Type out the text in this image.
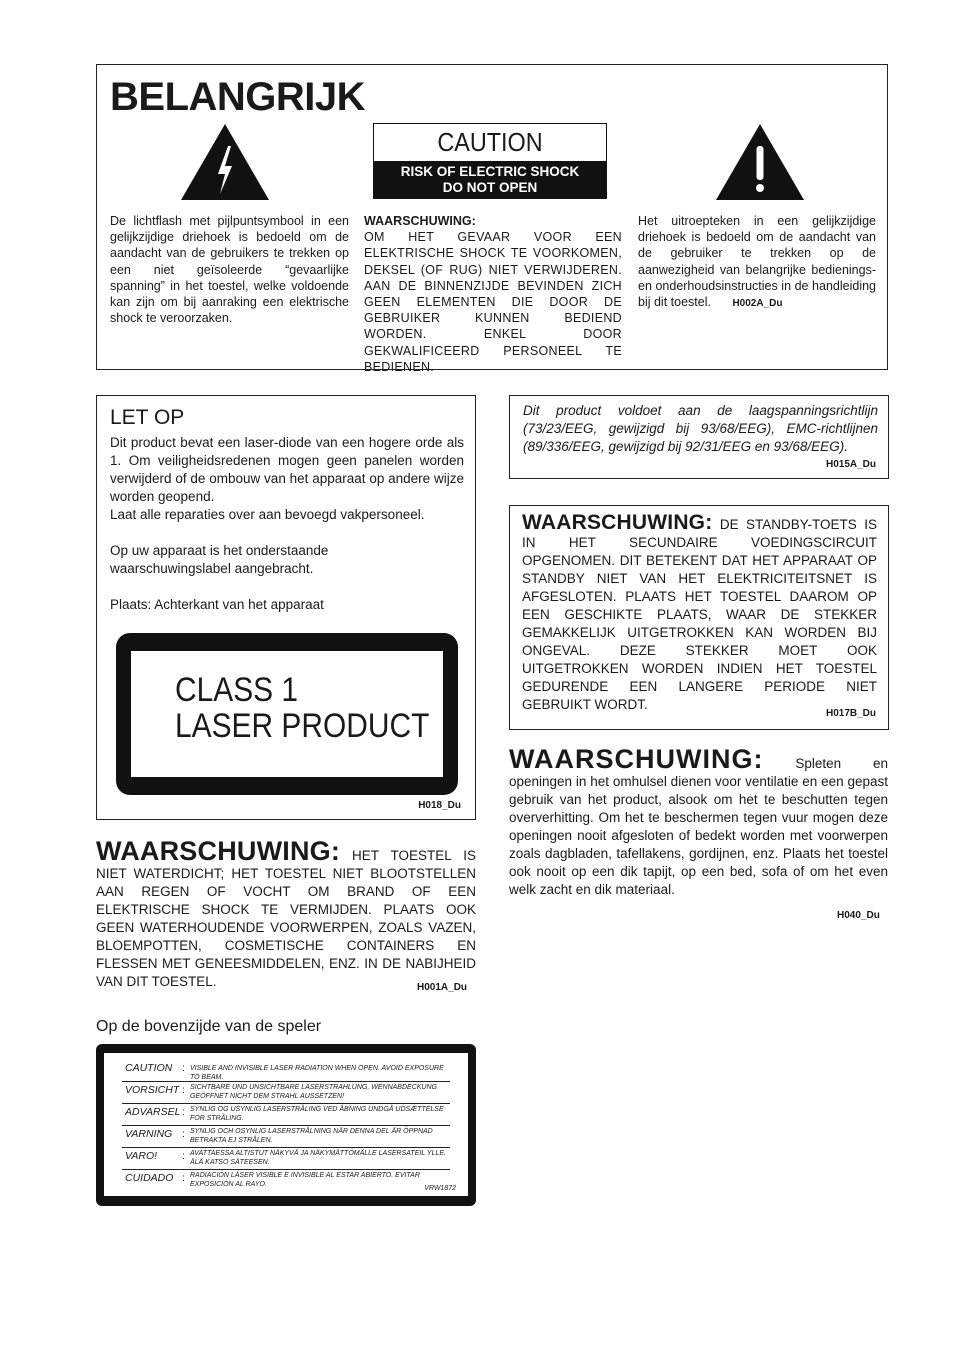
BELANGRIJK
CAUTION
RISK OF ELECTRIC SHOCK
DO NOT OPEN
De lichtflash met pijlpuntsymbool in een gelijkzijdige driehoek is bedoeld om de aandacht van de gebruikers te trekken op een niet geïsoleerde “gevaarlijke spanning” in het toestel, welke voldoende kan zijn om bij aanraking een elektrische shock te veroorzaken.
WAARSCHUWING:
OM HET GEVAAR VOOR EEN ELEKTRISCHE SHOCK TE VOORKOMEN, DEKSEL (OF RUG) NIET VERWIJDEREN. AAN DE BINNENZIJDE BEVINDEN ZICH GEEN ELEMENTEN DIE DOOR DE GEBRUIKER KUNNEN BEDIEND WORDEN. ENKEL DOOR GEKWALIFICEERD PERSONEEL TE BEDIENEN.
Het uitroepteken in een gelijkzijdige driehoek is bedoeld om de aandacht van de gebruiker te trekken op de aanwezigheid van belangrijke bedienings- en onderhoudsinstructies in de handleiding bij dit toestel. H002A_Du
LET OP
Dit product bevat een laser-diode van een hogere orde als 1. Om veiligheidsredenen mogen geen panelen worden verwijderd of de ombouw van het apparaat op andere wijze worden geopend.
Laat alle reparaties over aan bevoegd vakpersoneel.
Op uw apparaat is het onderstaande waarschuwingslabel aangebracht.
Plaats: Achterkant van het apparaat
CLASS 1
LASER PRODUCT
H018_Du
Dit product voldoet aan de laagspanningsrichtlijn (73/23/EEG, gewijzigd bij 93/68/EEG), EMC-richtlijnen (89/336/EEG, gewijzigd bij 92/31/EEG en 93/68/EEG).
H015A_Du
WAARSCHUWING: DE STANDBY-TOETS IS IN HET SECUNDAIRE VOEDINGSCIRCUIT OPGENOMEN. DIT BETEKENT DAT HET APPARAAT OP STANDBY NIET VAN HET ELEKTRICITEITSNET IS AFGESLOTEN. PLAATS HET TOESTEL DAAROM OP EEN GESCHIKTE PLAATS, WAAR DE STEKKER GEMAKKELIJK UITGETROKKEN KAN WORDEN BIJ ONGEVAL. DEZE STEKKER MOET OOK UITGETROKKEN WORDEN INDIEN HET TOESTEL GEDURENDE EEN LANGERE PERIODE NIET GEBRUIKT WORDT.
H017B_Du
WAARSCHUWING: Spleten en openingen in het omhulsel dienen voor ventilatie en een gepast gebruik van het product, alsook om het te beschutten tegen oververhitting. Om het te beschermen tegen vuur mogen deze openingen nooit afgesloten of bedekt worden met voorwerpen zoals dagbladen, tafellakens, gordijnen, enz. Plaats het toestel ook nooit op een dik tapijt, op een bed, sofa of om het even welk zacht en dik materiaal.
H040_Du
WAARSCHUWING: HET TOESTEL IS NIET WATERDICHT; HET TOESTEL NIET BLOOTSTELLEN AAN REGEN OF VOCHT OM BRAND OF EEN ELEKTRISCHE SHOCK TE VERMIJDEN. PLAATS OOK GEEN WATERHOUDENDE VOORWERPEN, ZOALS VAZEN, BLOEMPOTTEN, COSMETISCHE CONTAINERS EN FLESSEN MET GENEESMIDDELEN, ENZ. IN DE NABIJHEID VAN DIT TOESTEL.	H001A_Du
Op de bovenzijde van de speler
CAUTION : VISIBLE AND INVISIBLE LASER RADIATION WHEN OPEN. AVOID EXPOSURE TO BEAM.
VORSICHT : SICHTBARE UND UNSICHTBARE LASERSTRAHLUNG, WENNABDECKUNG GEÖFFNET NICHT DEM STRAHL AUSSETZEN!
ADVARSEL : SYNLIG OG USYNLIG LASERSTRÅLING VED ÅBNING UNDGÅ UDSÆTTELSE FOR STRÅLING.
VARNING : SYNLIG OCH OSYNLIG LASERSTRÅLNING NÄR DENNA DEL ÄR ÖPPNAD BETRAKTA EJ STRÅLEN.
VARO! : AVATTAESSA ALTISTUT NÄKYVÄ JA NÄKYMÄTTÖMÄLLE LASERSATEIL YLLE. ÄLÄ KATSO SÄTEESEN.
CUIDADO : RADIACIÓN LÁSER VISIBLE E INVISIBLE AL ESTAR ABIERTO. EVITAR EXPOSICIÓN AL RAYO.
VRW1872
